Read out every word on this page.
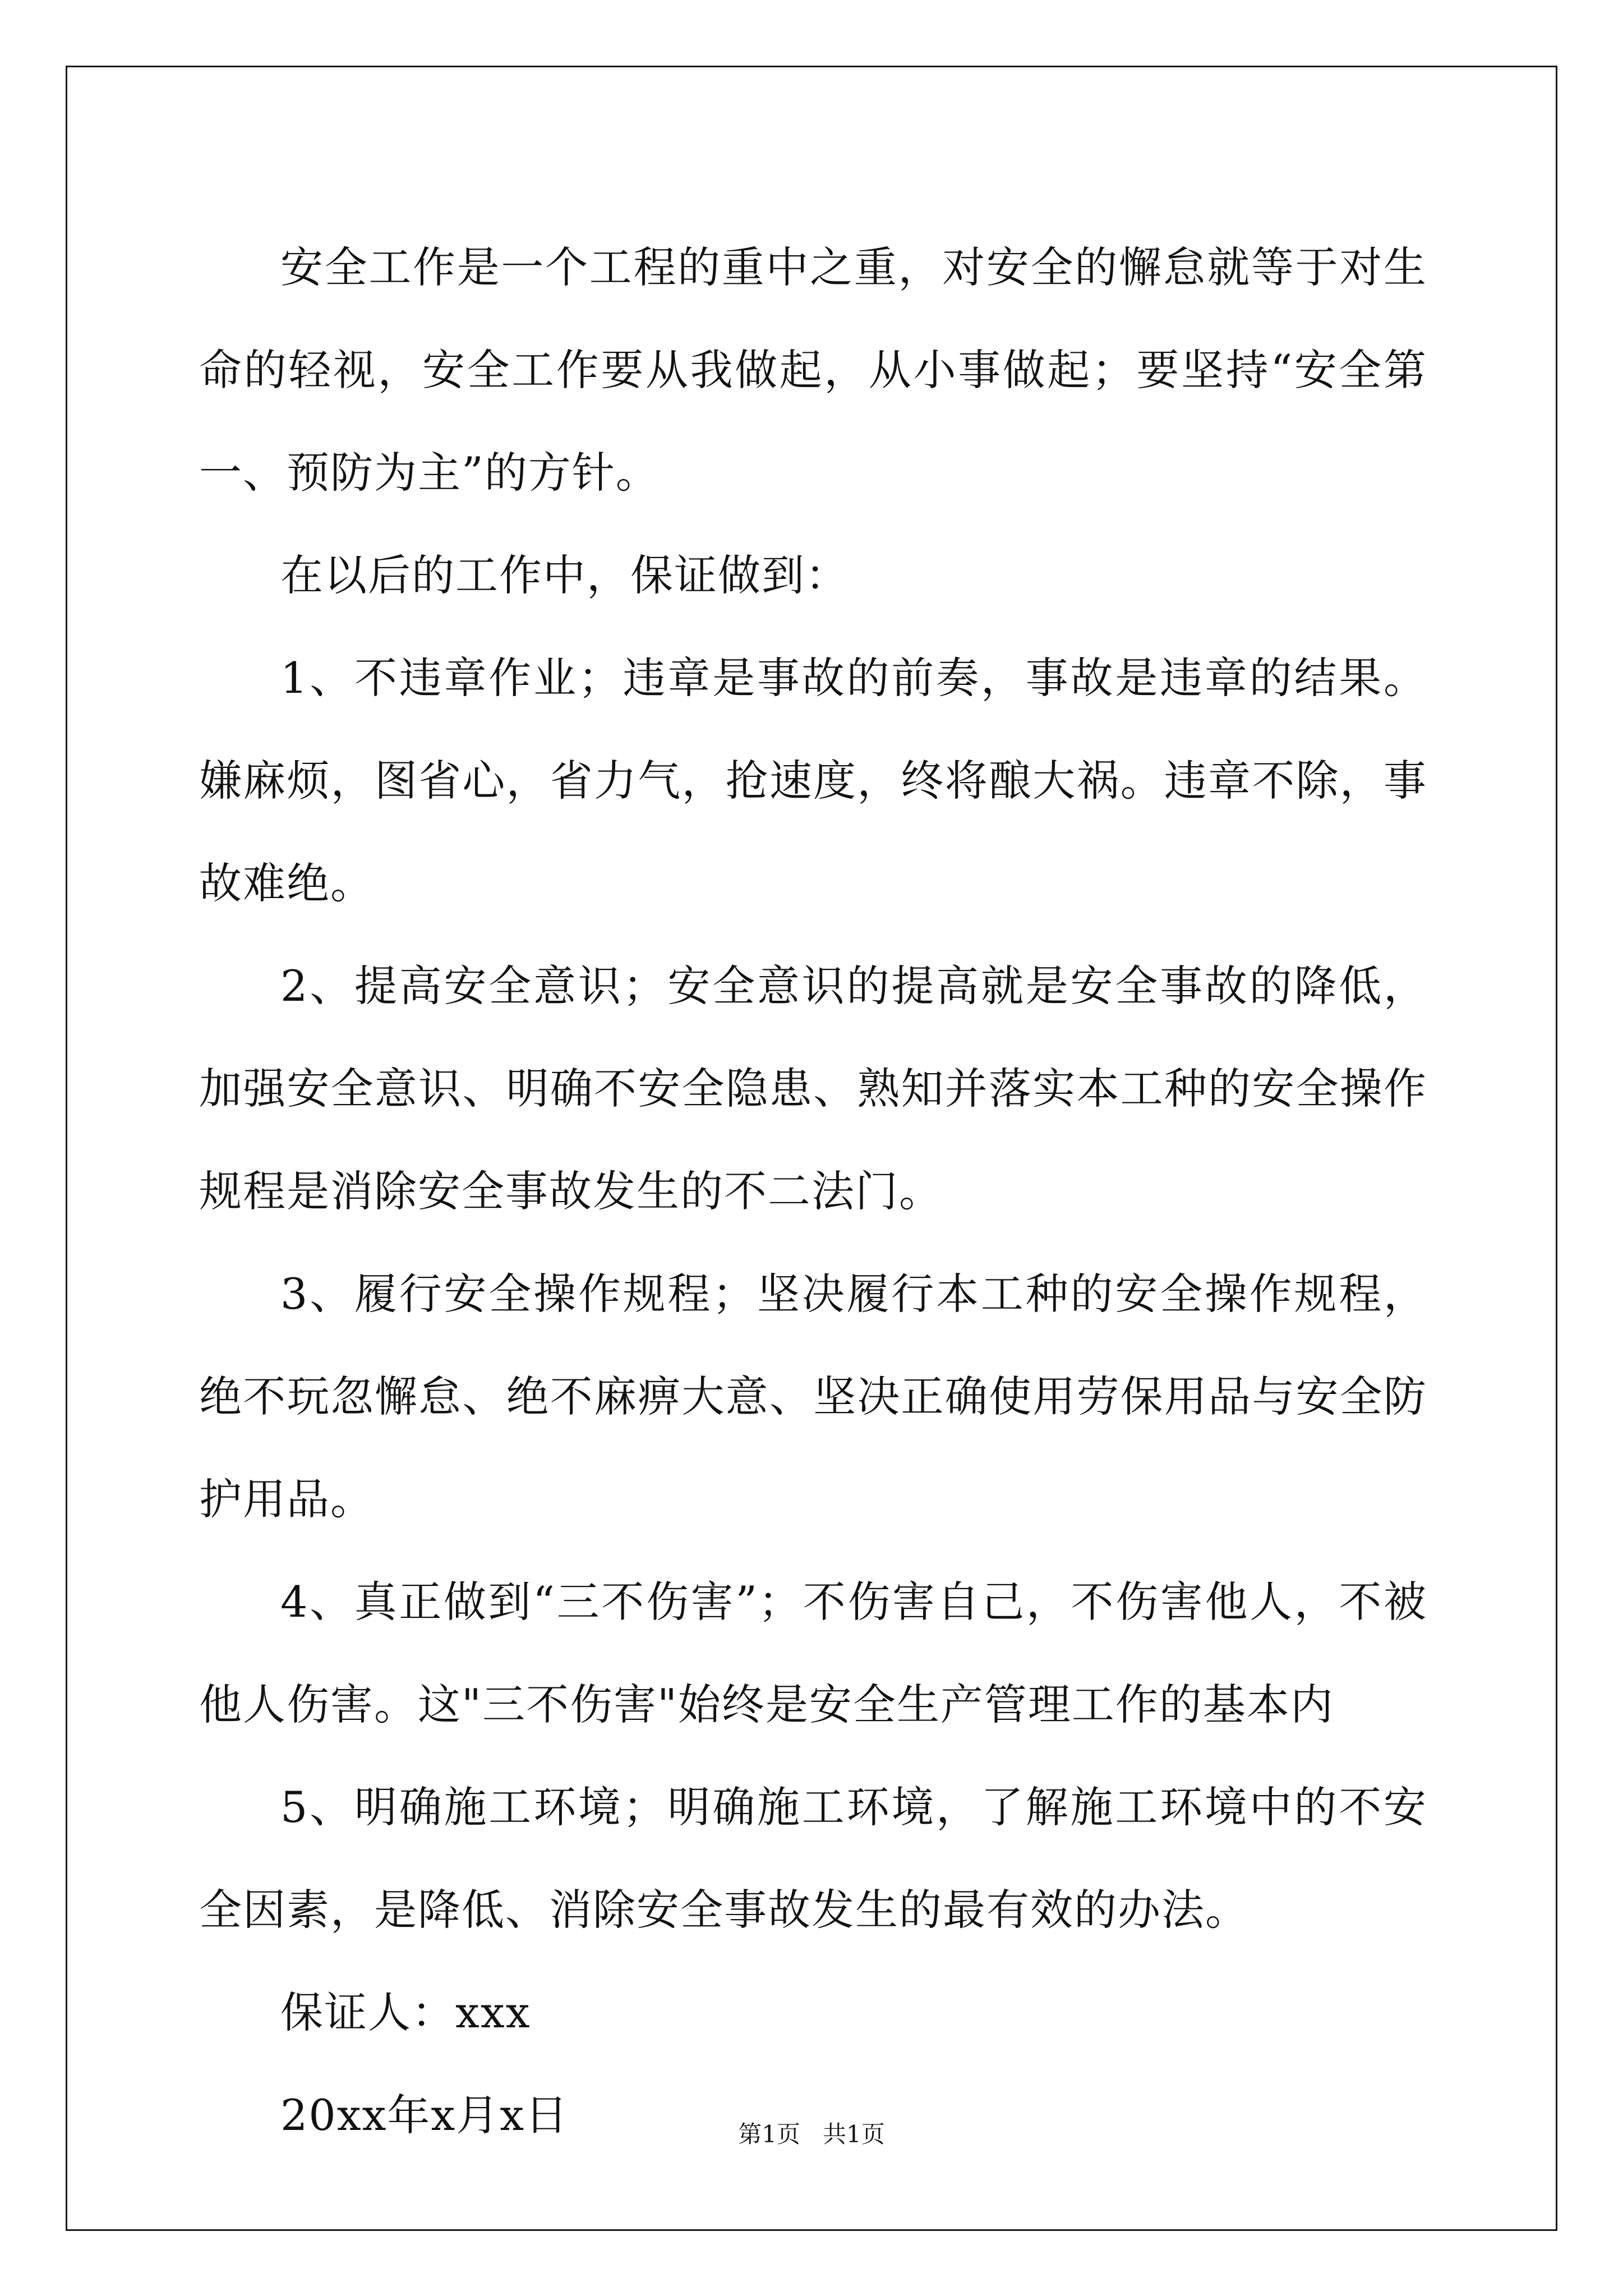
安全工作是一个工程的重中之重，对安全的懈怠就等于对生命的轻视，安全工作要从我做起，从小事做起；要坚持“安全第一、预防为主”的方针。

在以后的工作中，保证做到：

1、不违章作业；违章是事故的前奏，事故是违章的结果。嫌麻烦，图省心，省力气，抢速度，终将酿大祸。违章不除，事故难绝。

2、提高安全意识；安全意识的提高就是安全事故的降低，加强安全意识、明确不安全隐患、熟知并落实本工种的安全操作规程是消除安全事故发生的不二法门。

3、履行安全操作规程；坚决履行本工种的安全操作规程，绝不玩忽懈怠、绝不麻痹大意、坚决正确使用劳保用品与安全防护用品。

4、真正做到“三不伤害”；不伤害自己，不伤害他人，不被他人伤害。这"三不伤害"始终是安全生产管理工作的基本内

5、明确施工环境；明确施工环境，了解施工环境中的不安全因素，是降低、消除安全事故发生的最有效的办法。

保证人：xxx

20xx年x月x日	第1页 共1页
